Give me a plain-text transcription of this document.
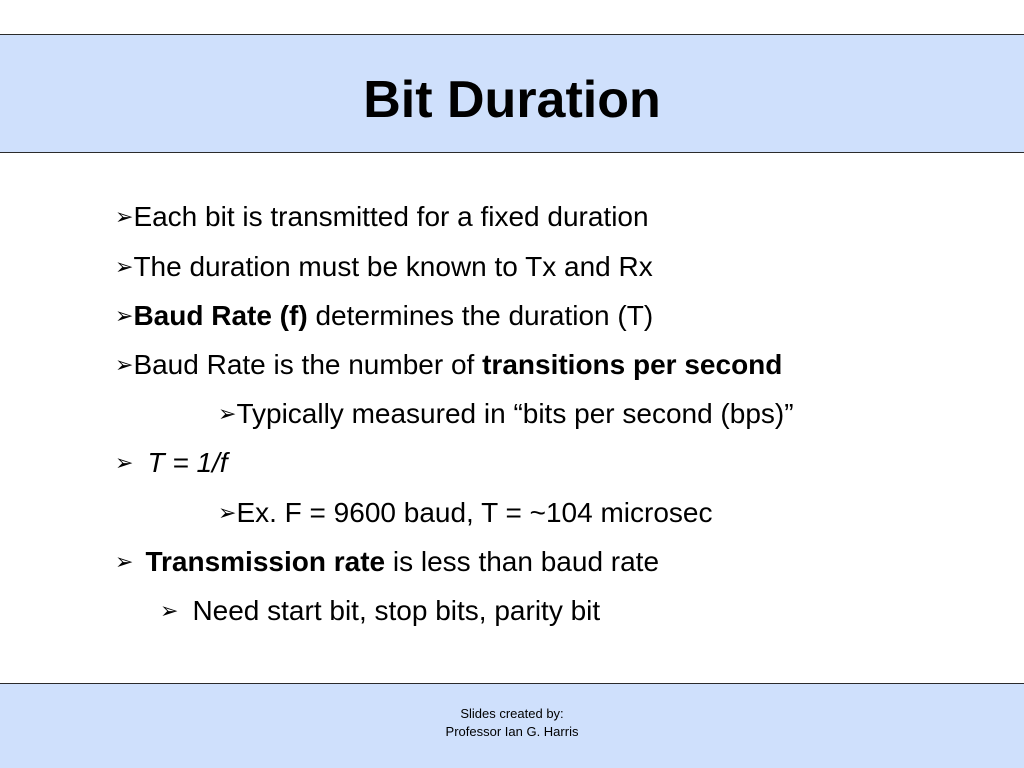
Bit Duration
➢Each bit is transmitted for a fixed duration
➢The duration must be known to Tx and Rx
➢Baud Rate (f) determines the duration (T)
➢Baud Rate is the number of transitions per second
➢Typically measured in “bits per second (bps)”
➢ T = 1/f
➢Ex. F = 9600 baud, T = ~104 microsec
➢ Transmission rate is less than baud rate
➢ Need start bit, stop bits, parity bit
Slides created by:
Professor Ian G. Harris
